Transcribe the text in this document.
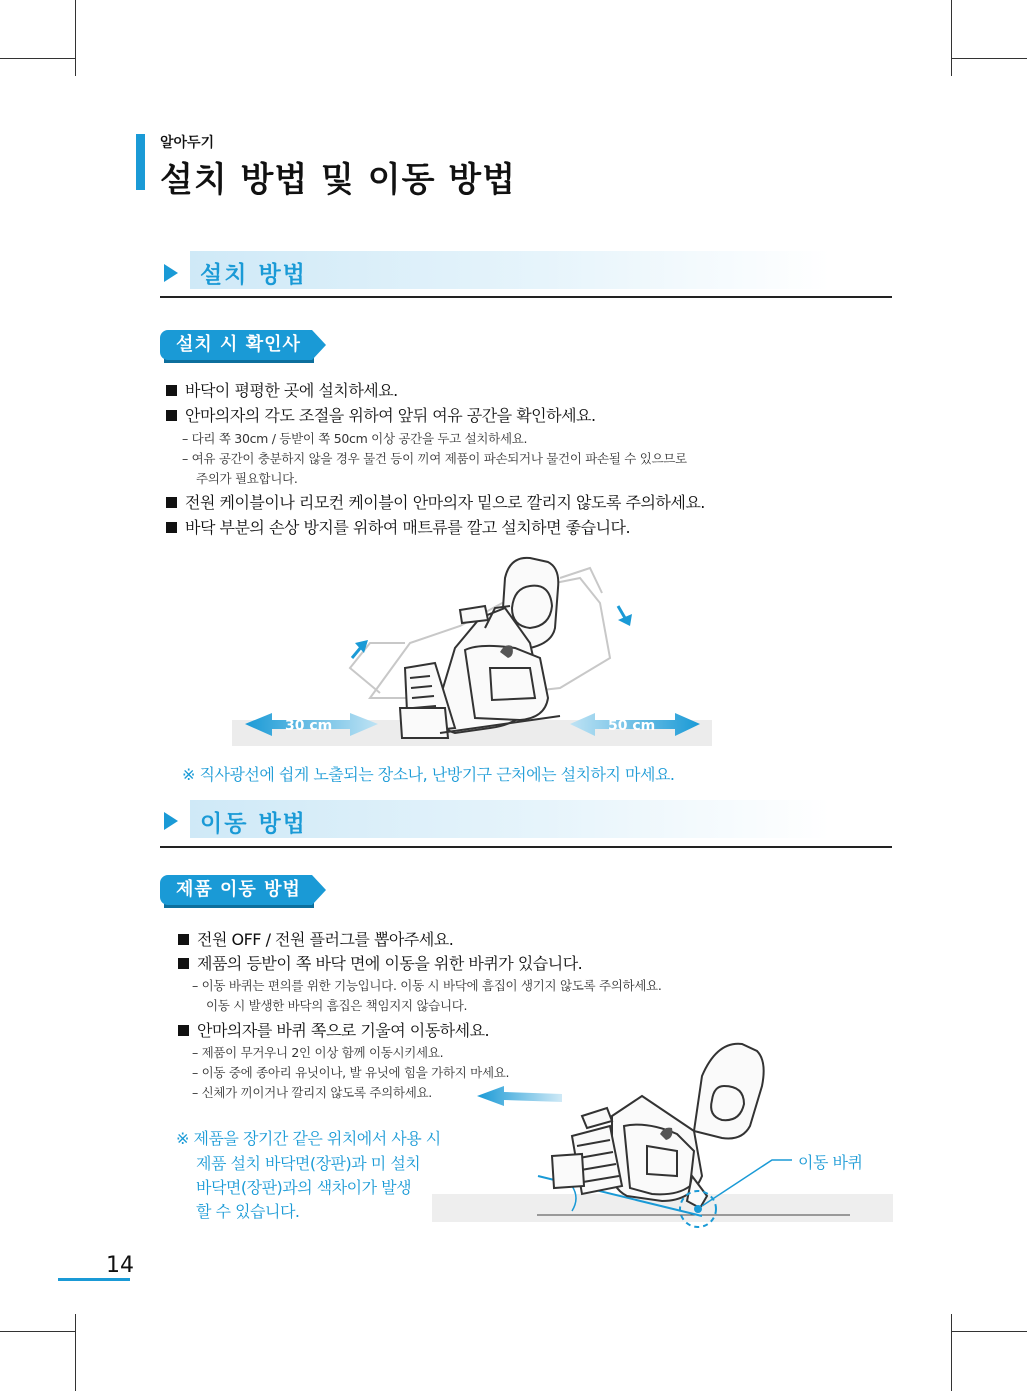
알아두기
설치 방법 및 이동 방법
설치 방법
설치 시 확인사항
바닥이 평평한 곳에 설치하세요.
안마의자의 각도 조절을 위하여 앞뒤 여유 공간을 확인하세요.
– 다리 쪽 30cm / 등받이 쪽 50cm 이상 공간을 두고 설치하세요.
– 여유 공간이 충분하지 않을 경우 물건 등이 끼여 제품이 파손되거나 물건이 파손될 수 있으므로
주의가 필요합니다.
전원 케이블이나 리모컨 케이블이 안마의자 밑으로 깔리지 않도록 주의하세요.
바닥 부분의 손상 방지를 위하여 매트류를 깔고 설치하면 좋습니다.
30 cm	50 cm
※ 직사광선에 쉽게 노출되는 장소나, 난방기구 근처에는 설치하지 마세요.
이동 방법
제품 이동 방법
전원 OFF / 전원 플러그를 뽑아주세요.
제품의 등받이 쪽 바닥 면에 이동을 위한 바퀴가 있습니다.
– 이동 바퀴는 편의를 위한 기능입니다. 이동 시 바닥에 흠집이 생기지 않도록 주의하세요.
이동 시 발생한 바닥의 흠집은 책임지지 않습니다.
안마의자를 바퀴 쪽으로 기울여 이동하세요.
– 제품이 무거우니 2인 이상 함께 이동시키세요.
– 이동 중에 종아리 유닛이나, 발 유닛에 힘을 가하지 마세요.
– 신체가 끼이거나 깔리지 않도록 주의하세요.
※ 제품을 장기간 같은 위치에서 사용 시
제품 설치 바닥면(장판)과 미 설치
바닥면(장판)과의 색차이가 발생
할 수 있습니다.
이동 바퀴
14
